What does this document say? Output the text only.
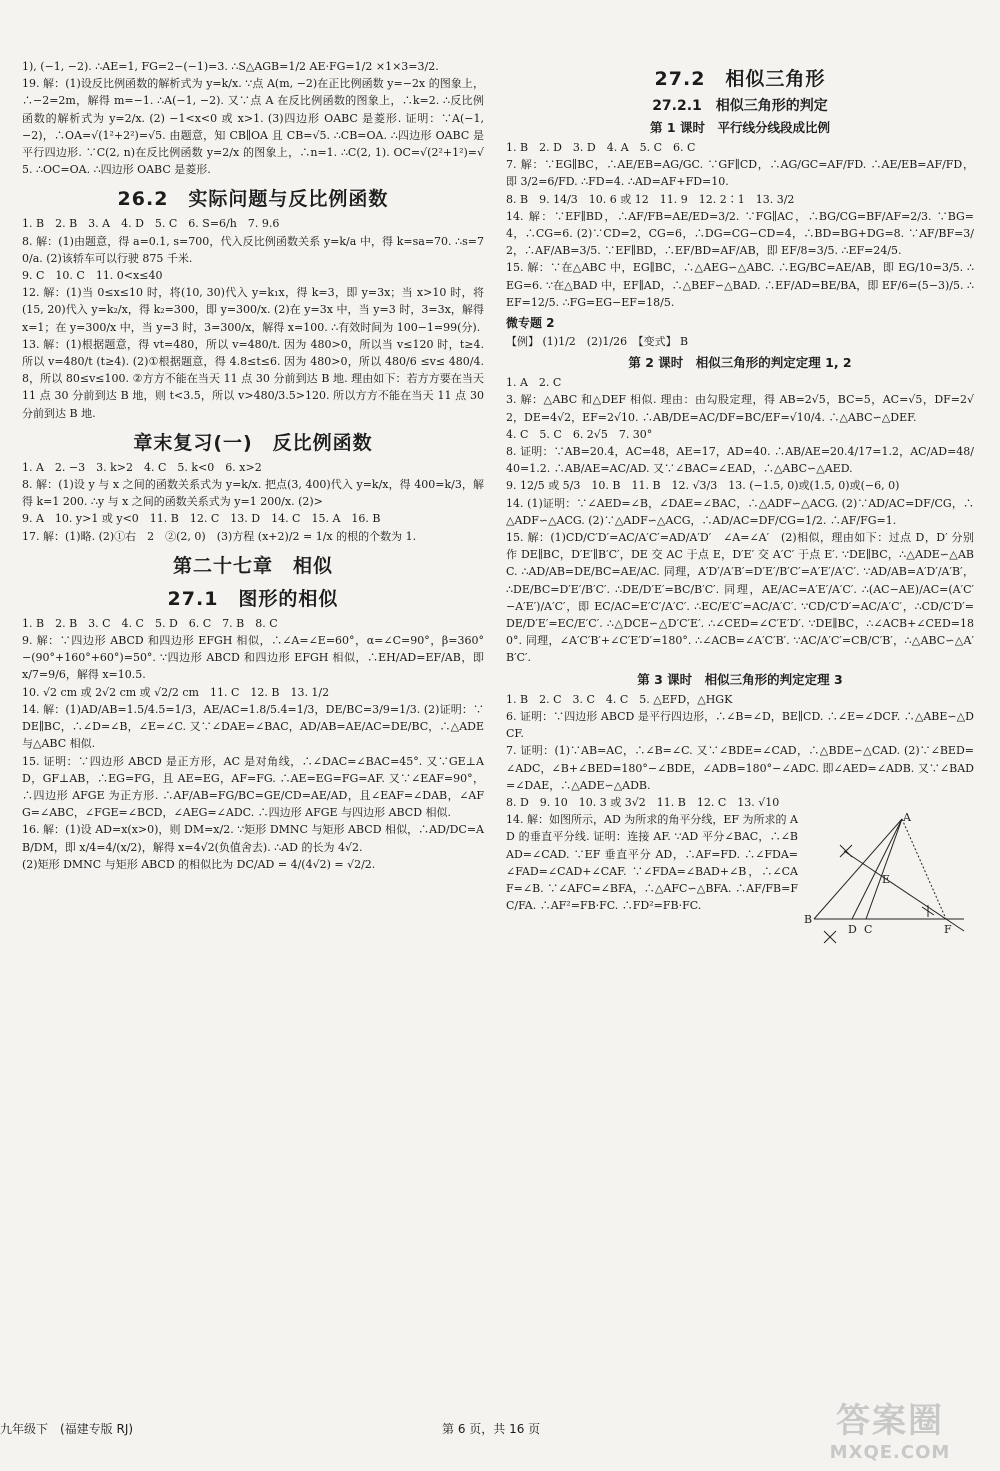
1), (−1, −2). ∴AE=1, FG=2−(−1)=3. ∴S△AGB=1/2 AE·FG=1/2 ×1×3=3/2.

19. 解：(1)设反比例函数的解析式为 y=k/x. ∵点 A(m, −2)在正比例函数 y=−2x 的图象上，∴−2=2m，解得 m=−1. ∴A(−1, −2). 又∵点 A 在反比例函数的图象上，∴k=2. ∴反比例函数的解析式为 y=2/x. (2) −1<x<0 或 x>1. (3)四边形 OABC 是菱形. 证明：∵A(−1, −2)，∴OA=√(1²+2²)=√5. 由题意，知 CB∥OA 且 CB=√5. ∴CB=OA. ∴四边形 OABC 是平行四边形. ∵C(2, n)在反比例函数 y=2/x 的图象上，∴n=1. ∴C(2, 1). OC=√(2²+1²)=√5. ∴OC=OA. ∴四边形 OABC 是菱形.

26.2　实际问题与反比例函数

1. B　2. B　3. A　4. D　5. C　6. S=6/h　7. 9.6

8. 解：(1)由题意，得 a=0.1, s=700，代入反比例函数关系 y=k/a 中，得 k=sa=70. ∴s=70/a. (2)该轿车可以行驶 875 千米.

9. C　10. C　11. 0<x≤40

12. 解：(1)当 0≤x≤10 时，将(10, 30)代入 y=k₁x，得 k=3，即 y=3x；当 x>10 时，将(15, 20)代入 y=k₂/x，得 k₂=300，即 y=300/x. (2)在 y=3x 中，当 y=3 时，3=3x，解得 x=1；在 y=300/x 中，当 y=3 时，3=300/x，解得 x=100. ∴有效时间为 100−1=99(分).

13. 解：(1)根据题意，得 vt=480，所以 v=480/t. 因为 480>0，所以当 v≤120 时，t≥4. 所以 v=480/t (t≥4). (2)①根据题意，得 4.8≤t≤6. 因为 480>0，所以 480/6 ≤v≤ 480/4.8，所以 80≤v≤100. ②方方不能在当天 11 点 30 分前到达 B 地. 理由如下：若方方要在当天 11 点 30 分前到达 B 地，则 t<3.5，所以 v>480/3.5>120. 所以方方不能在当天 11 点 30 分前到达 B 地.

章末复习(一)　反比例函数

1. A　2. −3　3. k>2　4. C　5. k<0　6. x>2

8. 解：(1)设 y 与 x 之间的函数关系式为 y=k/x. 把点(3, 400)代入 y=k/x，得 400=k/3，解得 k=1 200. ∴y 与 x 之间的函数关系式为 y=1 200/x. (2)>

9. A　10. y>1 或 y<0　11. B　12. C　13. D　14. C　15. A　16. B

17. 解：(1)略. (2)①右　2　②(2, 0)　(3)方程 (x+2)/2 = 1/x 的根的个数为 1.

第二十七章　相似
27.1　图形的相似

1. B　2. B　3. C　4. C　5. D　6. C　7. B　8. C

9. 解：∵四边形 ABCD 和四边形 EFGH 相似，∴∠A=∠E=60°，α=∠C=90°，β=360°−(90°+160°+60°)=50°. ∵四边形 ABCD 和四边形 EFGH 相似，∴EH/AD=EF/AB，即 x/7=9/6，解得 x=10.5.

10. √2 cm 或 2√2 cm 或 √2/2 cm　11. C　12. B　13. 1/2

14. 解：(1)AD/AB=1.5/4.5=1/3，AE/AC=1.8/5.4=1/3，DE/BC=3/9=1/3. (2)证明：∵DE∥BC，∴∠D=∠B，∠E=∠C. 又∵∠DAE=∠BAC，AD/AB=AE/AC=DE/BC，∴△ADE 与△ABC 相似.

15. 证明：∵四边形 ABCD 是正方形，AC 是对角线，∴∠DAC=∠BAC=45°. 又∵GE⊥AD，GF⊥AB，∴EG=FG，且 AE=EG，AF=FG. ∴AE=EG=FG=AF. 又∵∠EAF=90°，∴四边形 AFGE 为正方形. ∴AF/AB=FG/BC=GE/CD=AE/AD，且∠EAF=∠DAB，∠AFG=∠ABC，∠FGE=∠BCD，∠AEG=∠ADC. ∴四边形 AFGE 与四边形 ABCD 相似.

16. 解：(1)设 AD=x(x>0)，则 DM=x/2. ∵矩形 DMNC 与矩形 ABCD 相似，∴AD/DC=AB/DM，即 x/4=4/(x/2)，解得 x=4√2(负值舍去). ∴AD 的长为 4√2.

(2)矩形 DMNC 与矩形 ABCD 的相似比为 DC/AD = 4/(4√2) = √2/2.

27.2　相似三角形
27.2.1　相似三角形的判定
第 1 课时　平行线分线段成比例

1. B　2. D　3. D　4. A　5. C　6. C

7. 解：∵EG∥BC，∴AE/EB=AG/GC. ∵GF∥CD，∴AG/GC=AF/FD. ∴AE/EB=AF/FD，即 3/2=6/FD. ∴FD=4. ∴AD=AF+FD=10.

8. B　9. 14/3　10. 6 或 12　11. 9　12. 2∶1　13. 3/2

14. 解：∵EF∥BD，∴AF/FB=AE/ED=3/2. ∵FG∥AC，∴BG/CG=BF/AF=2/3. ∵BG=4，∴CG=6. (2)∵CD=2，CG=6，∴DG=CG−CD=4，∴BD=BG+DG=8. ∵AF/BF=3/2，∴AF/AB=3/5. ∵EF∥BD，∴EF/BD=AF/AB，即 EF/8=3/5. ∴EF=24/5.

15. 解：∵在△ABC 中，EG∥BC，∴△AEG∽△ABC. ∴EG/BC=AE/AB，即 EG/10=3/5. ∴EG=6. ∵在△BAD 中，EF∥AD，∴△BEF∽△BAD. ∴EF/AD=BE/BA，即 EF/6=(5−3)/5. ∴EF=12/5. ∴FG=EG−EF=18/5.

微专题 2

【例】 (1)1/2　(2)1/26　【变式】 B

第 2 课时　相似三角形的判定定理 1, 2

1. A　2. C

3. 解：△ABC 和△DEF 相似. 理由：由勾股定理，得 AB=2√5，BC=5，AC=√5，DF=2√2，DE=4√2，EF=2√10. ∴AB/DE=AC/DF=BC/EF=√10/4. ∴△ABC∽△DEF.

4. C　5. C　6. 2√5　7. 30°

8. 证明：∵AB=20.4，AC=48，AE=17，AD=40. ∴AB/AE=20.4/17=1.2，AC/AD=48/40=1.2. ∴AB/AE=AC/AD. 又∵∠BAC=∠EAD，∴△ABC∽△AED.

9. 12/5 或 5/3　10. B　11. B　12. √3/3　13. (−1.5, 0)或(1.5, 0)或(−6, 0)

14. (1)证明：∵∠AED=∠B，∠DAE=∠BAC，∴△ADF∽△ACG. (2)∵AD/AC=DF/CG，∴△ADF∽△ACG. (2)∵△ADF∽△ACG，∴AD/AC=DF/CG=1/2. ∴AF/FG=1.

15. 解：(1)CD/C′D′=AC/A′C′=AD/A′D′　∠A=∠A′　(2)相似，理由如下：过点 D，D′ 分别作 DE∥BC，D′E′∥B′C′，DE 交 AC 于点 E，D′E′ 交 A′C′ 于点 E′. ∵DE∥BC，∴△ADE∽△ABC. ∴AD/AB=DE/BC=AE/AC. 同理，A′D′/A′B′=D′E′/B′C′=A′E′/A′C′. ∵AD/AB=A′D′/A′B′，∴DE/BC=D′E′/B′C′. ∴DE/D′E′=BC/B′C′. 同理，AE/AC=A′E′/A′C′. ∴(AC−AE)/AC=(A′C′−A′E′)/A′C′，即 EC/AC=E′C′/A′C′. ∴EC/E′C′=AC/A′C′. ∵CD/C′D′=AC/A′C′，∴CD/C′D′=DE/D′E′=EC/E′C′. ∴△DCE∽△D′C′E′. ∴∠CED=∠C′E′D′. ∵DE∥BC，∴∠ACB+∠CED=180°. 同理，∠A′C′B′+∠C′E′D′=180°. ∴∠ACB=∠A′C′B′. ∵AC/A′C′=CB/C′B′，∴△ABC∽△A′B′C′.

第 3 课时　相似三角形的判定定理 3

1. B　2. C　3. C　4. C　5. △EFD，△HGK

6. 证明：∵四边形 ABCD 是平行四边形，∴∠B=∠D，BE∥CD. ∴∠E=∠DCF. ∴△ABE∽△DCF.

7. 证明：(1)∵AB=AC，∴∠B=∠C. 又∵∠BDE=∠CAD，∴△BDE∽△CAD. (2)∵∠BED=∠ADC，∠B+∠BED=180°−∠BDE，∠ADB=180°−∠ADC. 即∠AED=∠ADB. 又∵∠BAD=∠DAE，∴△ADE∽△ADB.

8. D　9. 10　10. 3 或 3√2　11. B　12. C　13. √10

A
B
C
D
E
F

14. 解：如图所示，AD 为所求的角平分线，EF 为所求的 AD 的垂直平分线. 证明：连接 AF. ∵AD 平分∠BAC，∴∠BAD=∠CAD. ∵EF 垂直平分 AD，∴AF=FD. ∴∠FDA=∠FAD=∠CAD+∠CAF. ∵∠FDA=∠BAD+∠B，∴∠CAF=∠B. ∵∠AFC=∠BFA，∴△AFC∽△BFA. ∴AF/FB=FC/FA. ∴AF²=FB·FC. ∴FD²=FB·FC.

九年级下　(福建专版 RJ)	第 6 页，共 16 页	答案圈
MXQE.COM
